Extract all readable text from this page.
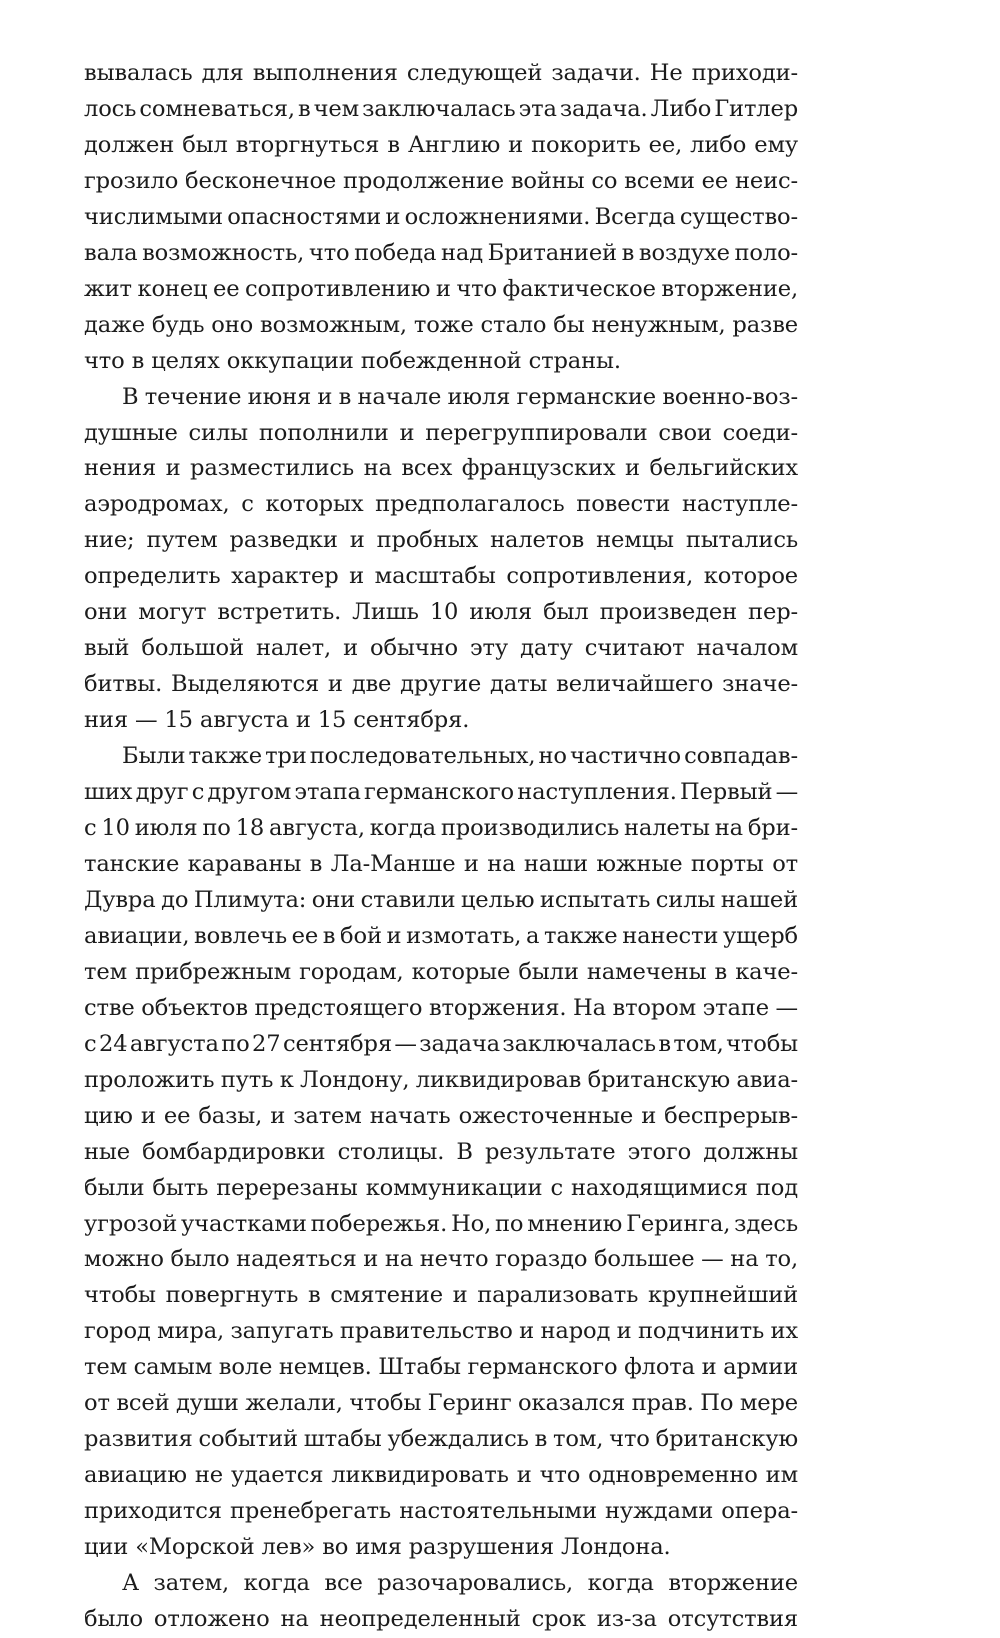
вывалась для выполнения следующей задачи. Не приходи-
лось сомневаться, в чем заключалась эта задача. Либо Гитлер
должен был вторгнуться в Англию и покорить ее, либо ему
грозило бесконечное продолжение войны со всеми ее неис-
числимыми опасностями и осложнениями. Всегда существо-
вала возможность, что победа над Британией в воздухе поло-
жит конец ее сопротивлению и что фактическое вторжение,
даже будь оно возможным, тоже стало бы ненужным, разве
что в целях оккупации побежденной страны.

В течение июня и в начале июля германские военно-воз-
душные силы пополнили и перегруппировали свои соеди-
нения и разместились на всех французских и бельгийских
аэродромах, с которых предполагалось повести наступле-
ние; путем разведки и пробных налетов немцы пытались
определить характер и масштабы сопротивления, которое
они могут встретить. Лишь 10 июля был произведен пер-
вый большой налет, и обычно эту дату считают началом
битвы. Выделяются и две другие даты величайшего значе-
ния — 15 августа и 15 сентября.

Были также три последовательных, но частично совпадав-
ших друг с другом этапа германского наступления. Первый —
с 10 июля по 18 августа, когда производились налеты на бри-
танские караваны в Ла-Манше и на наши южные порты от
Дувра до Плимута: они ставили целью испытать силы нашей
авиации, вовлечь ее в бой и измотать, а также нанести ущерб
тем прибрежным городам, которые были намечены в каче-
стве объектов предстоящего вторжения. На втором этапе —
с 24 августа по 27 сентября — задача заключалась в том, чтобы
проложить путь к Лондону, ликвидировав британскую авиа-
цию и ее базы, и затем начать ожесточенные и беспрерыв-
ные бомбардировки столицы. В результате этого должны
были быть перерезаны коммуникации с находящимися под
угрозой участками побережья. Но, по мнению Геринга, здесь
можно было надеяться и на нечто гораздо большее — на то,
чтобы повергнуть в смятение и парализовать крупнейший
город мира, запугать правительство и народ и подчинить их
тем самым воле немцев. Штабы германского флота и армии
от всей души желали, чтобы Геринг оказался прав. По мере
развития событий штабы убеждались в том, что британскую
авиацию не удается ликвидировать и что одновременно им
приходится пренебрегать настоятельными нуждами опера-
ции «Морской лев» во имя разрушения Лондона.

А затем, когда все разочаровались, когда вторжение
было отложено на неопределенный срок из-за отсутствия
